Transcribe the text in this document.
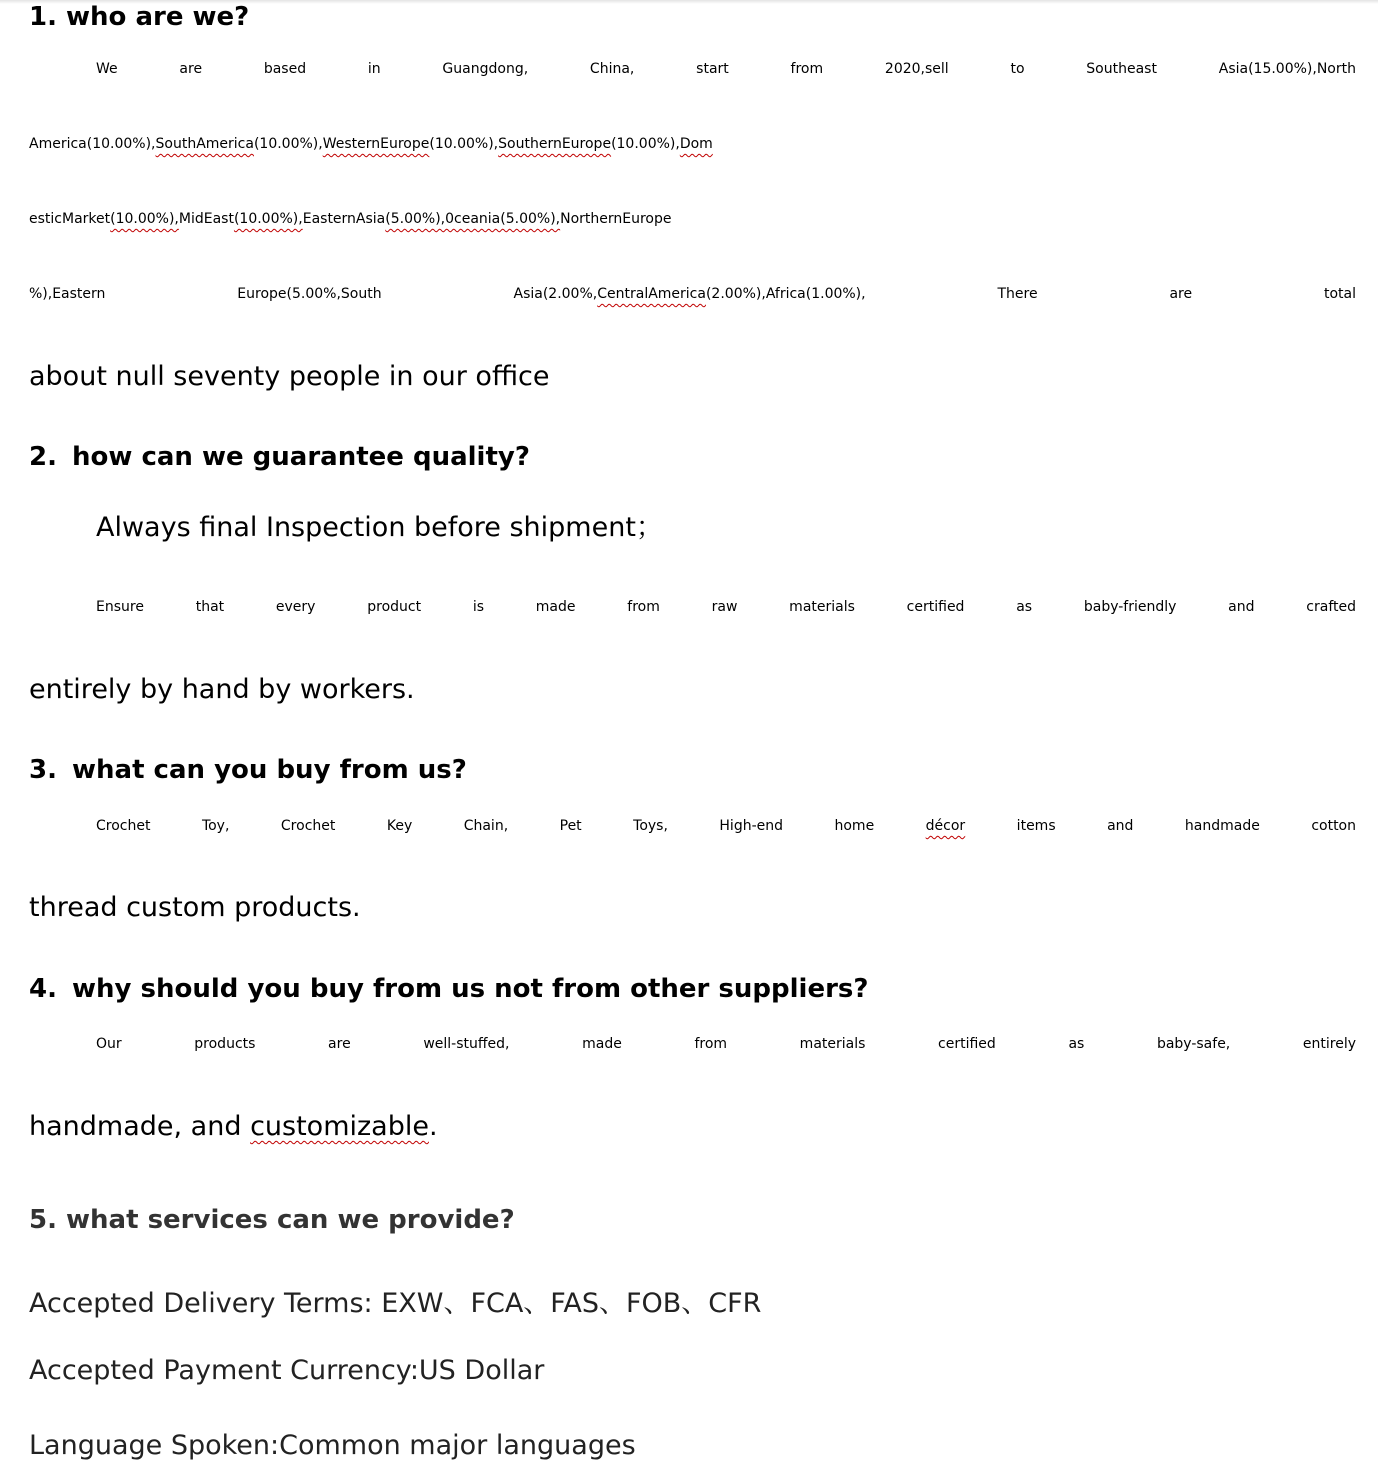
1. who are we?

We are based in Guangdong, China, start from 2020,sell to Southeast Asia(15.00%),North

America(10.00%),SouthAmerica(10.00%),WesternEurope(10.00%),SouthernEurope(10.00%),Dom

esticMarket(10.00%),MidEast(10.00%),EasternAsia(5.00%),0ceania(5.00%),NorthernEurope

%),Eastern Europe(5.00%,South Asia(2.00%,CentralAmerica(2.00%),Africa(1.00%), There are total

about null seventy people in our office

2. how can we guarantee quality?

Always final Inspection before shipment；

Ensure that every product is made from raw materials certified as baby-friendly and crafted

entirely by hand by workers.

3. what can you buy from us?

Crochet Toy, Crochet Key Chain, Pet Toys, High-end home décor items and handmade cotton

thread custom products.

4. why should you buy from us not from other suppliers?

Our products are well-stuffed, made from materials certified as baby-safe, entirely

handmade, and customizable.

5. what services can we provide?

Accepted Delivery Terms: EXW、FCA、FAS、FOB、CFR

Accepted Payment Currency:US Dollar

Language Spoken:Common major languages
